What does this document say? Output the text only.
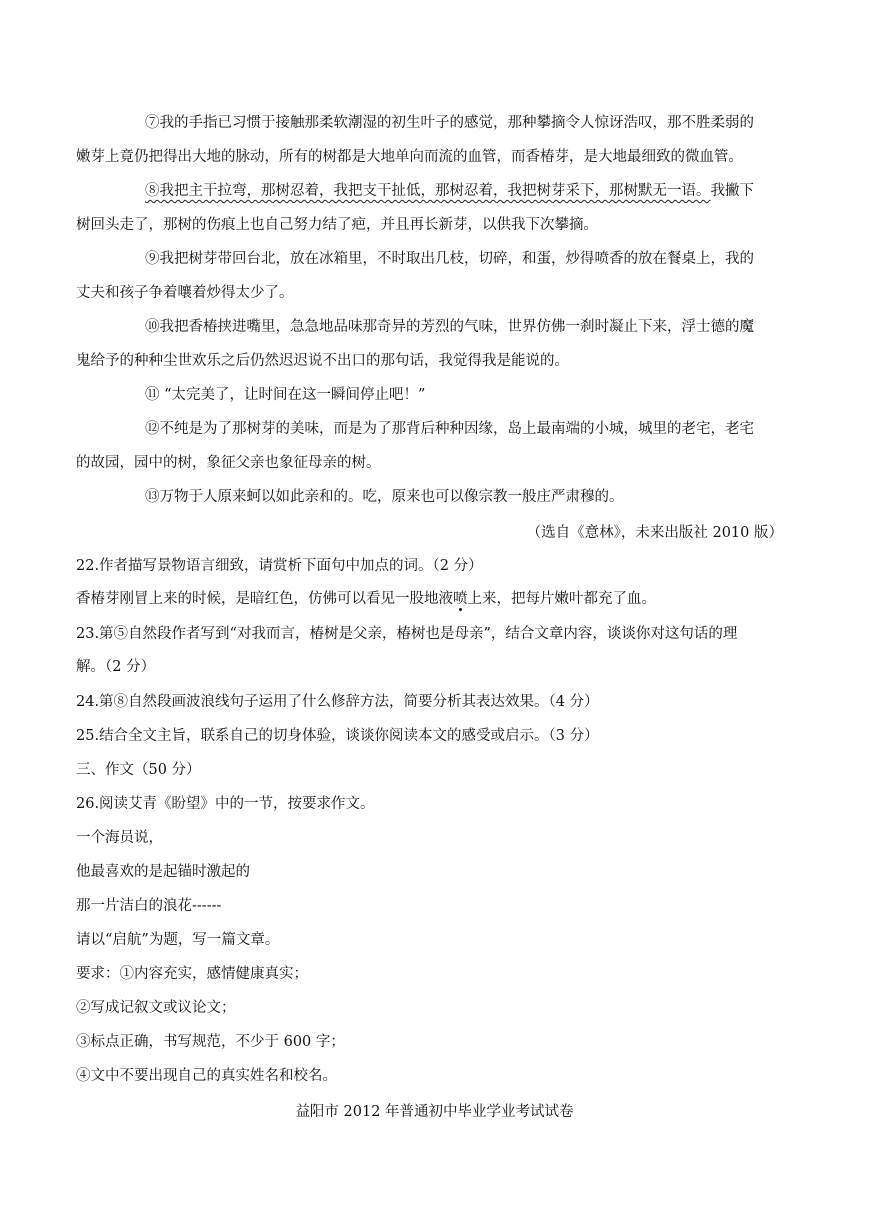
⑦我的手指已习惯于接触那柔软潮湿的初生叶子的感觉，那种攀摘令人惊讶浩叹，那不胜柔弱的
嫩芽上竟仍把得出大地的脉动，所有的树都是大地单向而流的血管，而香椿芽，是大地最细致的微血管。
⑧我把主干拉弯，那树忍着，我把支干扯低，那树忍着，我把树芽采下，那树默无一语。我撇下
树回头走了，那树的伤痕上也自己努力结了疤，并且再长新芽，以供我下次攀摘。
⑨我把树芽带回台北，放在冰箱里，不时取出几枝，切碎，和蛋，炒得喷香的放在餐桌上，我的
丈夫和孩子争着嚷着炒得太少了。
⑩我把香椿挟进嘴里，急急地品味那奇异的芳烈的气味，世界仿佛一刹时凝止下来，浮士德的魔
鬼给予的种种尘世欢乐之后仍然迟迟说不出口的那句话，我觉得我是能说的。
⑪ “太完美了，让时间在这一瞬间停止吧！”
⑫不纯是为了那树芽的美味，而是为了那背后种种因缘，岛上最南端的小城，城里的老宅，老宅
的故园，园中的树，象征父亲也象征母亲的树。
⑬万物于人原来蚵以如此亲和的。吃，原来也可以像宗教一般庄严肃穆的。
（选自《意林》，未来出版社 2010 版）
22.作者描写景物语言细致，请赏析下面句中加点的词。（2 分）
香椿芽刚冒上来的时候，是暗红色，仿佛可以看见一股地液喷上来，把每片嫩叶都充了血。
23.第⑤自然段作者写到“对我而言，椿树是父亲，椿树也是母亲”，结合文章内容，谈谈你对这句话的理
解。（2 分）
24.第⑧自然段画波浪线句子运用了什么修辞方法，简要分析其表达效果。（4 分）
25.结合全文主旨，联系自己的切身体验，谈谈你阅读本文的感受或启示。（3 分）
三、作文（50 分）
26.阅读艾青《盼望》中的一节，按要求作文。
一个海员说，
他最喜欢的是起锚时激起的
那一片洁白的浪花------
请以“启航”为题，写一篇文章。
要求：①内容充实，感情健康真实；
②写成记叙文或议论文；
③标点正确，书写规范，不少于 600 字；
④文中不要出现自己的真实姓名和校名。
益阳市 2012 年普通初中毕业学业考试试卷
